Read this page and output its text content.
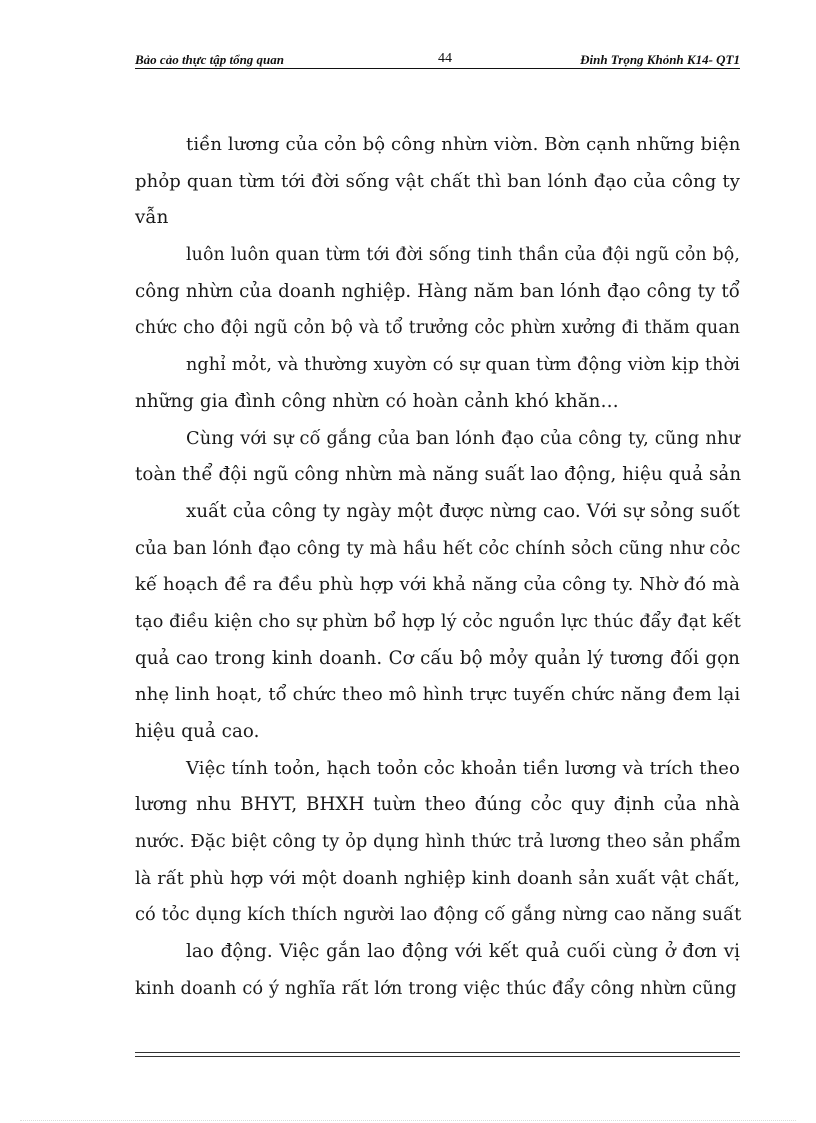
Bảo cảo thực tập tổng quan	44	Đinh Trọng Khỏnh K14- QT1
tiền lương của cỏn bộ công nhừn viờn. Bờn cạnh những biện
phỏp quan từm tới đời sống vật chất thì ban lónh đạo của công ty
vẫn
luôn luôn quan từm tới đời sống tinh thần của đội ngũ cỏn bộ,
công nhừn của doanh nghiệp. Hàng năm ban lónh đạo công ty tổ
chức cho đội ngũ cỏn bộ và tổ trưởng cỏc phừn xưởng đi thăm quan
nghỉ mỏt, và thường xuyờn có sự quan từm động viờn kịp thời
những gia đình công nhừn có hoàn cảnh khó khăn…
Cùng với sự cố gắng của ban lónh đạo của công ty, cũng như
toàn thể đội ngũ công nhừn mà năng suất lao động, hiệu quả sản
xuất của công ty ngày một được nừng cao. Với sự sỏng suốt
của ban lónh đạo công ty mà hầu hết cỏc chính sỏch cũng như cỏc
kế hoạch đề ra đều phù hợp với khả năng của công ty. Nhờ đó mà
tạo điều kiện cho sự phừn bổ hợp lý cỏc nguồn lực thúc đẩy đạt kết
quả cao trong kinh doanh. Cơ cấu bộ mỏy quản lý tương đối gọn
nhẹ linh hoạt, tổ chức theo mô hình trực tuyến chức năng đem lại
hiệu quả cao.
Việc tính toỏn, hạch toỏn cỏc khoản tiền lương và trích theo
lương nhu BHYT, BHXH tuừn theo đúng cỏc quy định của nhà
nước. Đặc biệt công ty ỏp dụng hình thức trả lương theo sản phẩm
là rất phù hợp với một doanh nghiệp kinh doanh sản xuất vật chất,
có tỏc dụng kích thích người lao động cố gắng nừng cao năng suất
lao động. Việc gắn lao động với kết quả cuối cùng ở đơn vị
kinh doanh có ý nghĩa rất lớn trong việc thúc đẩy công nhừn cũng
